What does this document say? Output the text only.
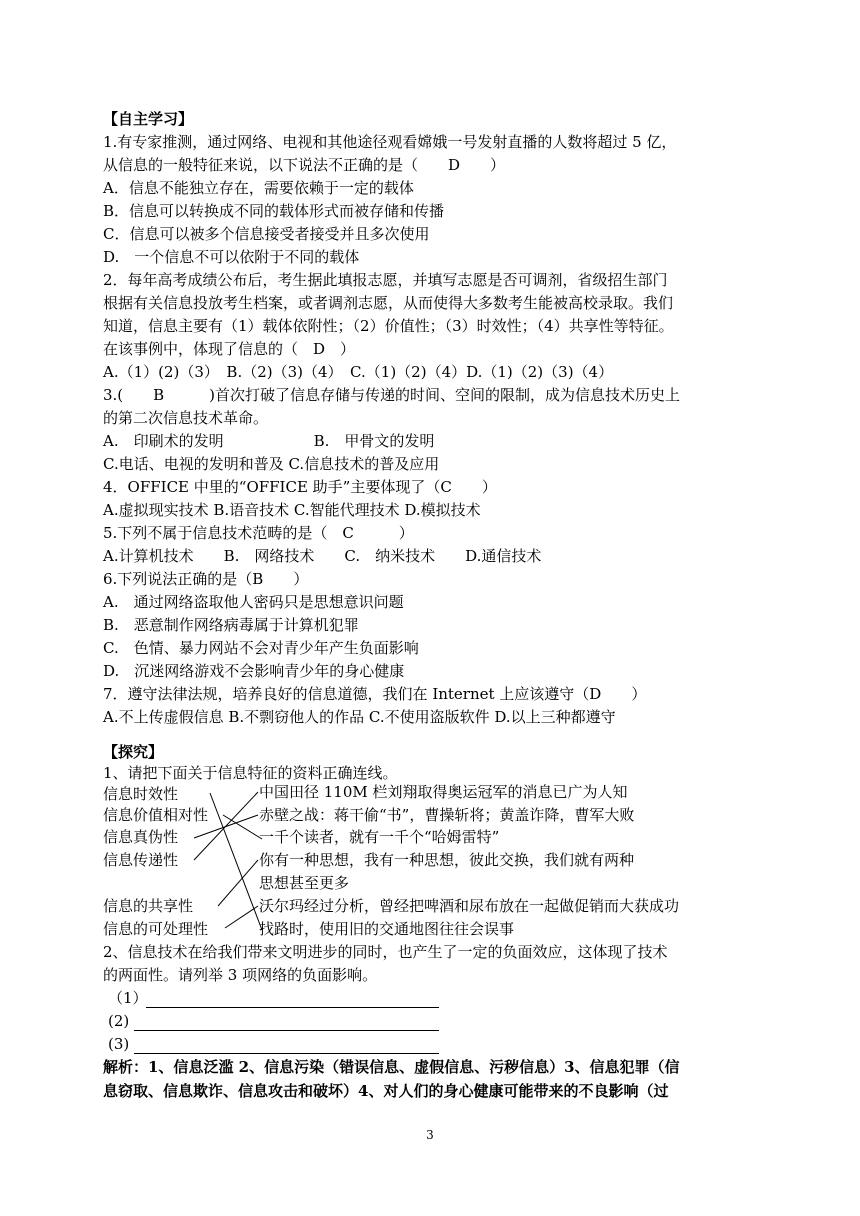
【自主学习】
1.有专家推测，通过网络、电视和其他途径观看嫦娥一号发射直播的人数将超过 5 亿，
从信息的一般特征来说，以下说法不正确的是（　　D　　）
A．信息不能独立存在，需要依赖于一定的载体
B．信息可以转换成不同的载体形式而被存储和传播
C．信息可以被多个信息接受者接受并且多次使用
D.　一个信息不可以依附于不同的载体
2．每年高考成绩公布后，考生据此填报志愿，并填写志愿是否可调剂，省级招生部门
根据有关信息投放考生档案，或者调剂志愿，从而使得大多数考生能被高校录取。我们
知道，信息主要有（1）载体依附性；（2）价值性；（3）时效性；（4）共享性等特征。
在该事例中，体现了信息的（　D　）
A.（1）(2)（3）　B.（2)（3)（4）　C.（1)（2)（4）D.（1)（2)（3)（4）
3.(　　B　　　)首次打破了信息存储与传递的时间、空间的限制，成为信息技术历史上
的第二次信息技术革命。
A.　印刷术的发明　　　　　　B.　甲骨文的发明
C.电话、电视的发明和普及 C.信息技术的普及应用
4．OFFICE 中里的“OFFICE 助手”主要体现了（C　　）
A.虚拟现实技术 B.语音技术 C.智能代理技术 D.模拟技术
5.下列不属于信息技术范畴的是（　C　　　）
A.计算机技术　　B.　网络技术　　C.　纳米技术　　D.通信技术
6.下列说法正确的是（B　　）
A.　通过网络盗取他人密码只是思想意识问题
B.　恶意制作网络病毒属于计算机犯罪
C.　色情、暴力网站不会对青少年产生负面影响
D.　沉迷网络游戏不会影响青少年的身心健康
7．遵守法律法规，培养良好的信息道德，我们在 Internet 上应该遵守（D　　）
A.不上传虚假信息 B.不剽窃他人的作品 C.不使用盗版软件 D.以上三种都遵守
【探究】
1、请把下面关于信息特征的资料正确连线。
信息时效性
信息价值相对性
信息真伪性
信息传递性
信息的共享性
信息的可处理性
中国田径 110M 栏刘翔取得奥运冠军的消息已广为人知
赤壁之战：蒋干偷“书”，曹操斩将；黄盖诈降，曹军大败
一千个读者，就有一千个“哈姆雷特”
你有一种思想，我有一种思想，彼此交换，我们就有两种
思想甚至更多
沃尔玛经过分析，曾经把啤酒和尿布放在一起做促销而大获成功
找路时，使用旧的交通地图往往会误事
2、信息技术在给我们带来文明进步的同时，也产生了一定的负面效应，这体现了技术
的两面性。请列举 3 项网络的负面影响。
（1）
(2)
(3)
解析：1、信息泛滥 2、信息污染（错误信息、虚假信息、污秽信息）3、信息犯罪（信
息窃取、信息欺诈、信息攻击和破坏）4、对人们的身心健康可能带来的不良影响（过
3
